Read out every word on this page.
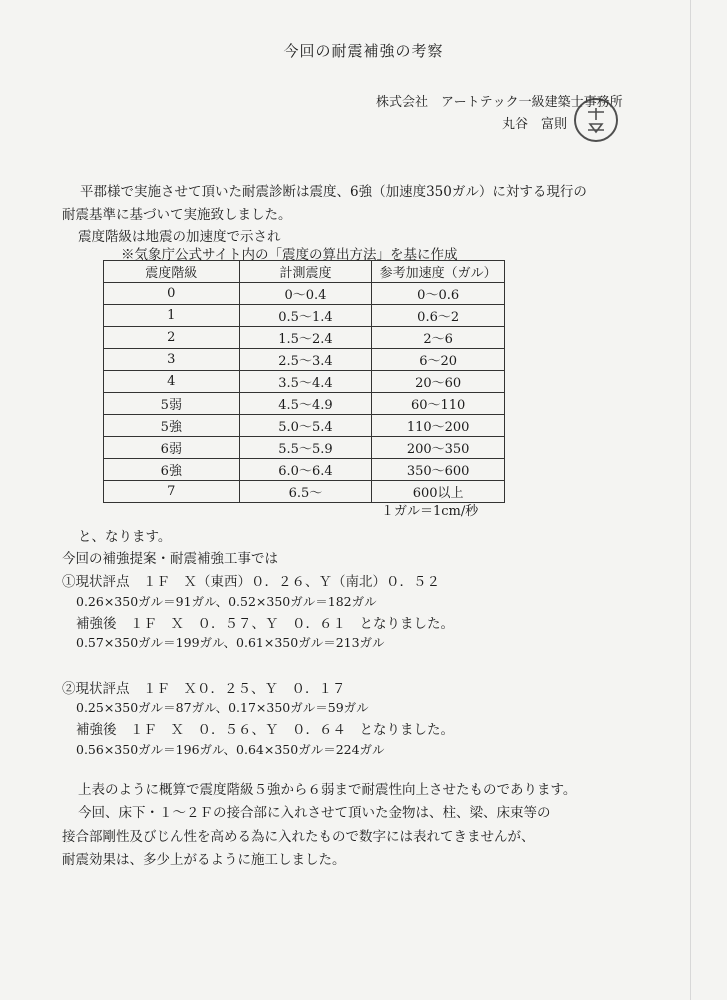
今回の耐震補強の考察
株式会社　アートテック一級建築士事務所
丸谷　富則
平郡様で実施させて頂いた耐震診断は震度、6強（加速度350ガル）に対する現行の
耐震基準に基づいて実施致しました。
震度階級は地震の加速度で示され
※気象庁公式サイト内の「震度の算出方法」を基に作成
震度階級	計測震度	参考加速度（ガル）
0	0～0.4	0～0.6
1	0.5～1.4	0.6～2
2	1.5～2.4	2～6
3	2.5～3.4	6～20
4	3.5～4.4	20～60
5弱	4.5～4.9	60～110
5強	5.0～5.4	110～200
6弱	5.5～5.9	200～350
6強	6.0～6.4	350～600
7	6.5～	600以上
１ガル＝1cm/秒
と、なります。
今回の補強提案・耐震補強工事では
①現状評点　１Ｆ　Ｘ（東西）０．２６、Ｙ（南北）０．５２
0.26×350ガル＝91ガル、0.52×350ガル＝182ガル
補強後　１Ｆ　Ｘ　０．５７、Ｙ　０．６１　となりました。
0.57×350ガル＝199ガル、0.61×350ガル＝213ガル
②現状評点　１Ｆ　Ｘ０．２５、Ｙ　０．１７
0.25×350ガル＝87ガル、0.17×350ガル＝59ガル
補強後　１Ｆ　Ｘ　０．５６、Ｙ　０．６４　となりました。
0.56×350ガル＝196ガル、0.64×350ガル＝224ガル
上表のように概算で震度階級５強から６弱まで耐震性向上させたものであります。
今回、床下・１～２Ｆの接合部に入れさせて頂いた金物は、柱、梁、床束等の
接合部剛性及びじん性を高める為に入れたもので数字には表れてきませんが、
耐震効果は、多少上がるように施工しました。
